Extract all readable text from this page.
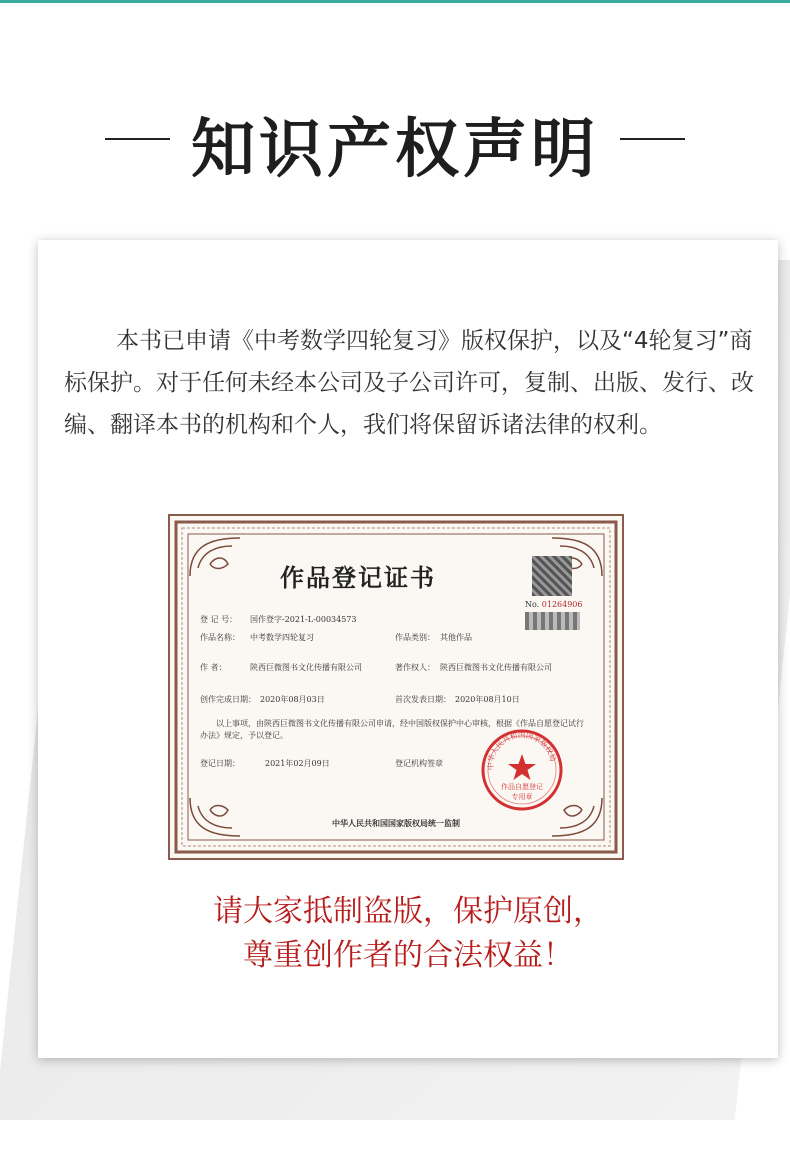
知识产权声明

本书已申请《中考数学四轮复习》版权保护，以及“4轮复习”商标保护。对于任何未经本公司及子公司许可，复制、出版、发行、改编、翻译本书的机构和个人，我们将保留诉诸法律的权利。

作品登记证书
No. 01264906
登 记 号： 国作登字-2021-L-00034573
作品名称： 中考数学四轮复习	作品类别： 其他作品
作 者：	陕西巨微图书文化传播有限公司	著作权人： 陕西巨微图书文化传播有限公司
创作完成日期： 2020年08月03日	首次发表日期： 2020年08月10日
以上事项，由陕西巨微图书文化传播有限公司申请，经中国版权保护中心审核，根据《作品自愿登记试行办法》规定，予以登记。
登记日期：	2021年02月09日	登记机构签章	中华人民共和国国家版权局
作品自愿登记
专用章
中华人民共和国国家版权局统一监制
请大家抵制盗版，保护原创，
尊重创作者的合法权益！
